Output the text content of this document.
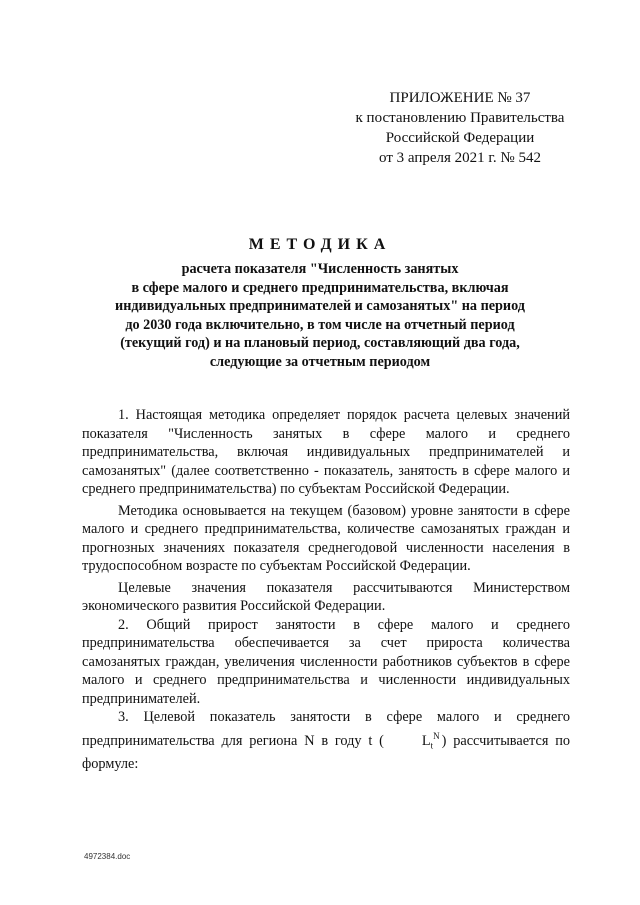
ПРИЛОЖЕНИЕ № 37
к постановлению Правительства
Российской Федерации
от 3 апреля 2021 г. № 542
МЕТОДИКА
расчета показателя "Численность занятых
в сфере малого и среднего предпринимательства, включая
индивидуальных предпринимателей и самозанятых" на период
до 2030 года включительно, в том числе на отчетный период
(текущий год) и на плановый период, составляющий два года,
следующие за отчетным периодом

1. Настоящая методика определяет порядок расчета целевых значений показателя "Численность занятых в сфере малого и среднего предпринимательства, включая индивидуальных предпринимателей и самозанятых" (далее соответственно - показатель, занятость в сфере малого и среднего предпринимательства) по субъектам Российской Федерации.

Методика основывается на текущем (базовом) уровне занятости в сфере малого и среднего предпринимательства, количестве самозанятых граждан и прогнозных значениях показателя среднегодовой численности населения в трудоспособном возрасте по субъектам Российской Федерации.

Целевые значения показателя рассчитываются Министерством экономического развития Российской Федерации.

2. Общий прирост занятости в сфере малого и среднего предпринимательства обеспечивается за счет прироста количества самозанятых граждан, увеличения численности работников субъектов в сфере малого и среднего предпринимательства и численности индивидуальных предпринимателей.

3. Целевой показатель занятости в сфере малого и среднего предпринимательства для региона N в году t (	$L_t^N$ ) рассчитывается по формуле:

4972384.doc
